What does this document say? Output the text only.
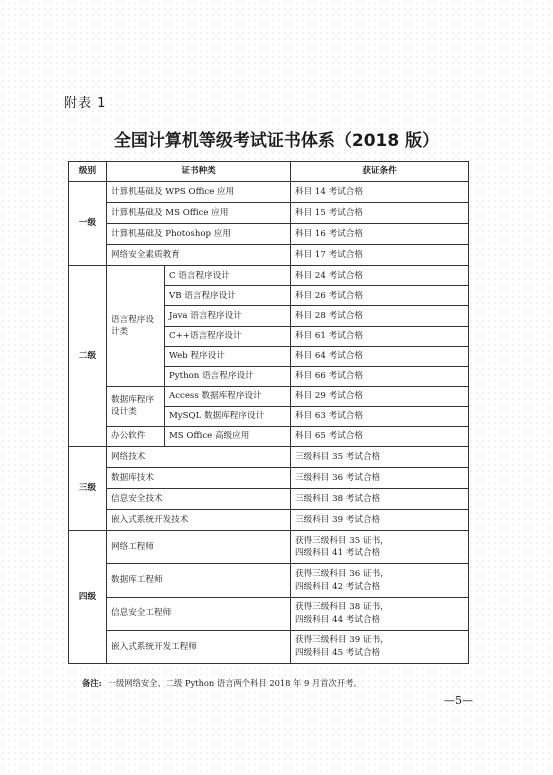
附表 1
全国计算机等级考试证书体系（2018 版）
级别	证书种类		获证条件
一级	计算机基础及 WPS Office 应用		科目 14 考试合格
	计算机基础及 MS Office 应用		科目 15 考试合格
	计算机基础及 Photoshop 应用		科目 16 考试合格
	网络安全素质教育		科目 17 考试合格
二级	语言程序设计类	C 语言程序设计	科目 24 考试合格
		VB 语言程序设计	科目 26 考试合格
		Java 语言程序设计	科目 28 考试合格
		C++语言程序设计	科目 61 考试合格
		Web 程序设计	科目 64 考试合格
		Python 语言程序设计	科目 66 考试合格
	数据库程序设计类	Access 数据库程序设计	科目 29 考试合格
		MySQL 数据库程序设计	科目 63 考试合格
	办公软件	MS Office 高级应用	科目 65 考试合格
三级	网络技术		三级科目 35 考试合格
	数据库技术		三级科目 36 考试合格
	信息安全技术		三级科目 38 考试合格
	嵌入式系统开发技术		三级科目 39 考试合格
四级	网络工程师		获得三级科目 35 证书，
四级科目 41 考试合格

	数据库工程师		获得三级科目 36 证书，
四级科目 42 考试合格

	信息安全工程师		获得三级科目 38 证书，
四级科目 44 考试合格

	嵌入式系统开发工程师		获得三级科目 39 证书，
四级科目 45 考试合格
备注: 一级网络安全、二级 Python 语言两个科目 2018 年 9 月首次开考。
—5—
